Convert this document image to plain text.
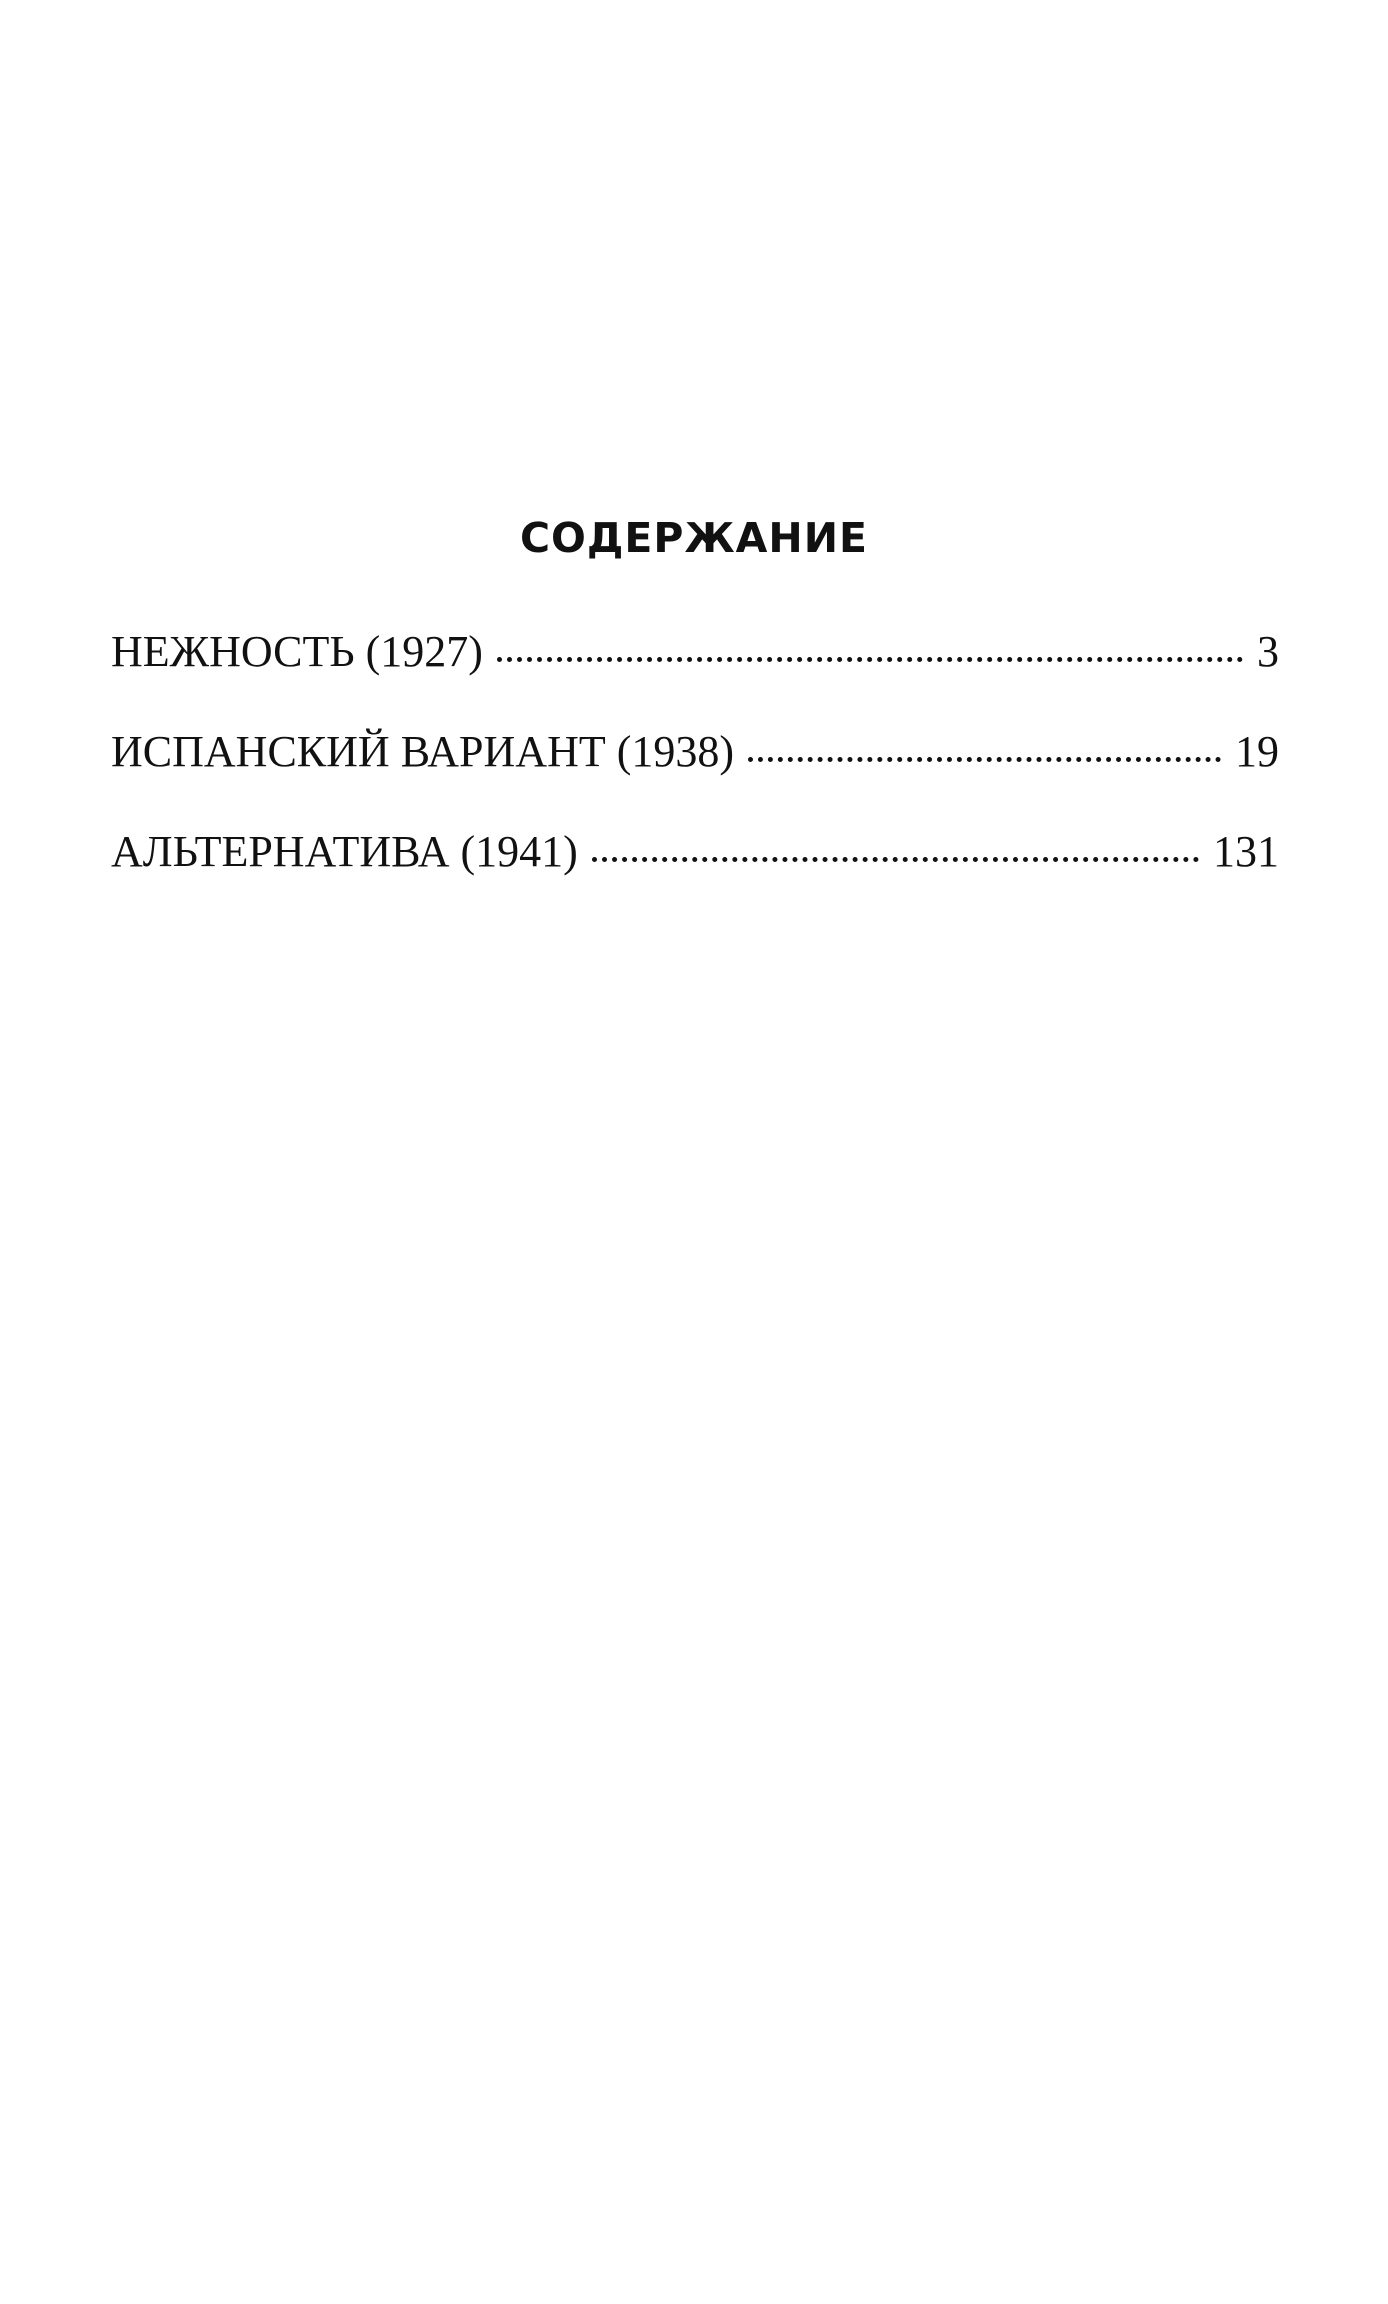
СОДЕРЖАНИЕ
НЕЖНОСТЬ (1927)	3
ИСПАНСКИЙ ВАРИАНТ (1938)	19
АЛЬТЕРНАТИВА (1941)	131
